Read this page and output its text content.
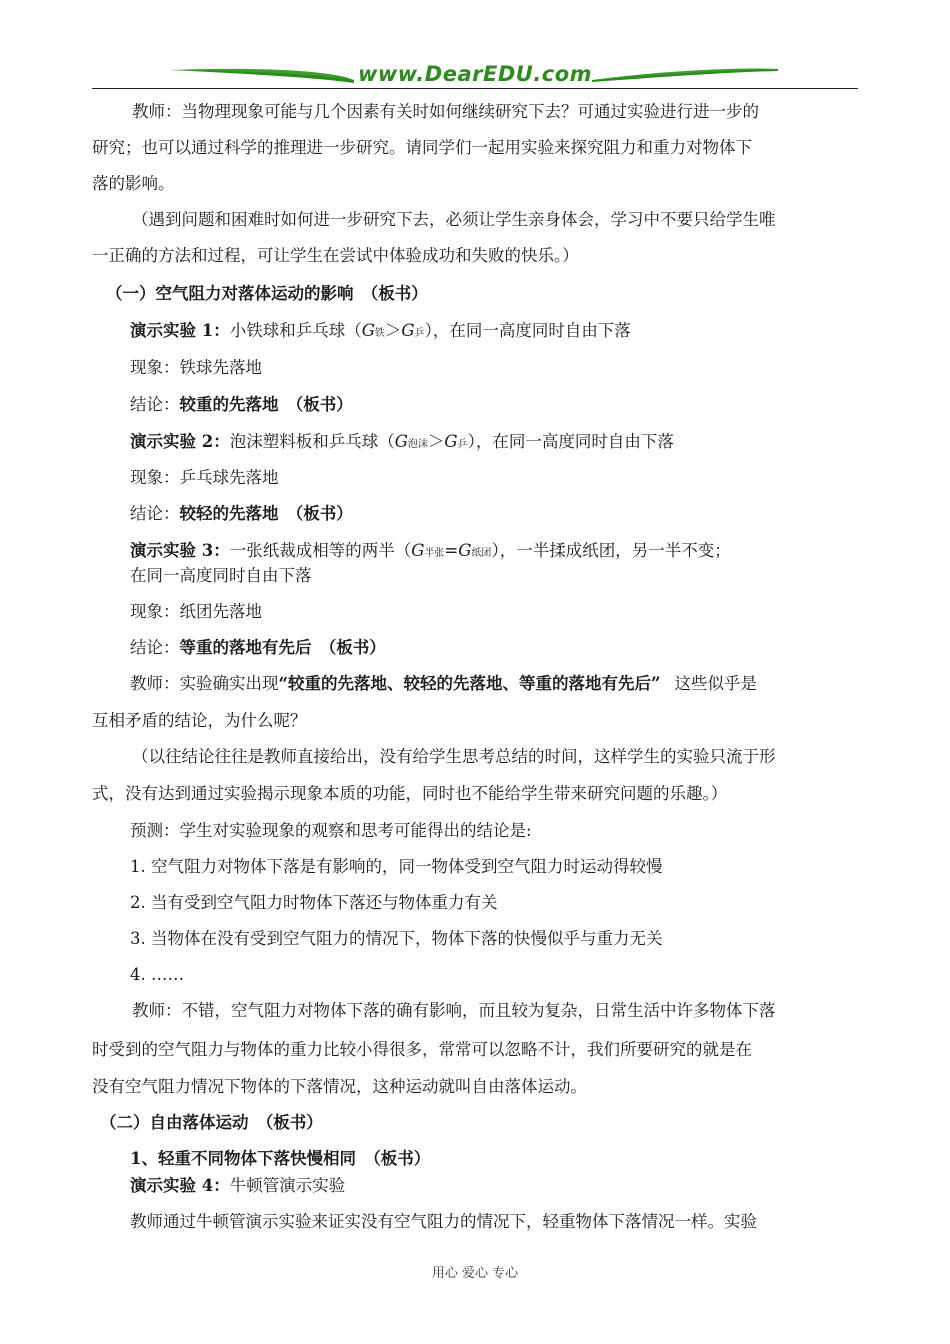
www.DearEDU.com
教师：当物理现象可能与几个因素有关时如何继续研究下去？可通过实验进行进一步的
研究；也可以通过科学的推理进一步研究。请同学们一起用实验来探究阻力和重力对物体下
落的影响。
（遇到问题和困难时如何进一步研究下去，必须让学生亲身体会，学习中不要只给学生唯
一正确的方法和过程，可让学生在尝试中体验成功和失败的快乐。）
（一）空气阻力对落体运动的影响　（板书）
演示实验 1：小铁球和乒乓球（G铁＞G乒），在同一高度同时自由下落
现象：铁球先落地
结论：较重的先落地　（板书）
演示实验 2：泡沫塑料板和乒乓球（G泡沫＞G乒），在同一高度同时自由下落
现象：乒乓球先落地
结论：较轻的先落地　（板书）
演示实验 3：一张纸裁成相等的两半（G半张=G纸团），一半揉成纸团，另一半不变；
在同一高度同时自由下落
现象：纸团先落地
结论：等重的落地有先后　（板书）
教师：实验确实出现“较重的先落地、较轻的先落地、等重的落地有先后” 这些似乎是
互相矛盾的结论，为什么呢？
（以往结论往往是教师直接给出，没有给学生思考总结的时间，这样学生的实验只流于形
式，没有达到通过实验揭示现象本质的功能，同时也不能给学生带来研究问题的乐趣。）
预测：学生对实验现象的观察和思考可能得出的结论是:
1. 空气阻力对物体下落是有影响的，同一物体受到空气阻力时运动得较慢
2. 当有受到空气阻力时物体下落还与物体重力有关
3. 当物体在没有受到空气阻力的情况下，物体下落的快慢似乎与重力无关
4. ……
教师：不错，空气阻力对物体下落的确有影响，而且较为复杂，日常生活中许多物体下落
时受到的空气阻力与物体的重力比较小得很多，常常可以忽略不计，我们所要研究的就是在
没有空气阻力情况下物体的下落情况，这种运动就叫自由落体运动。
（二）自由落体运动　（板书）
1、轻重不同物体下落快慢相同　（板书）
演示实验 4：牛顿管演示实验
教师通过牛顿管演示实验来证实没有空气阻力的情况下，轻重物体下落情况一样。实验
用心 爱心 专心
